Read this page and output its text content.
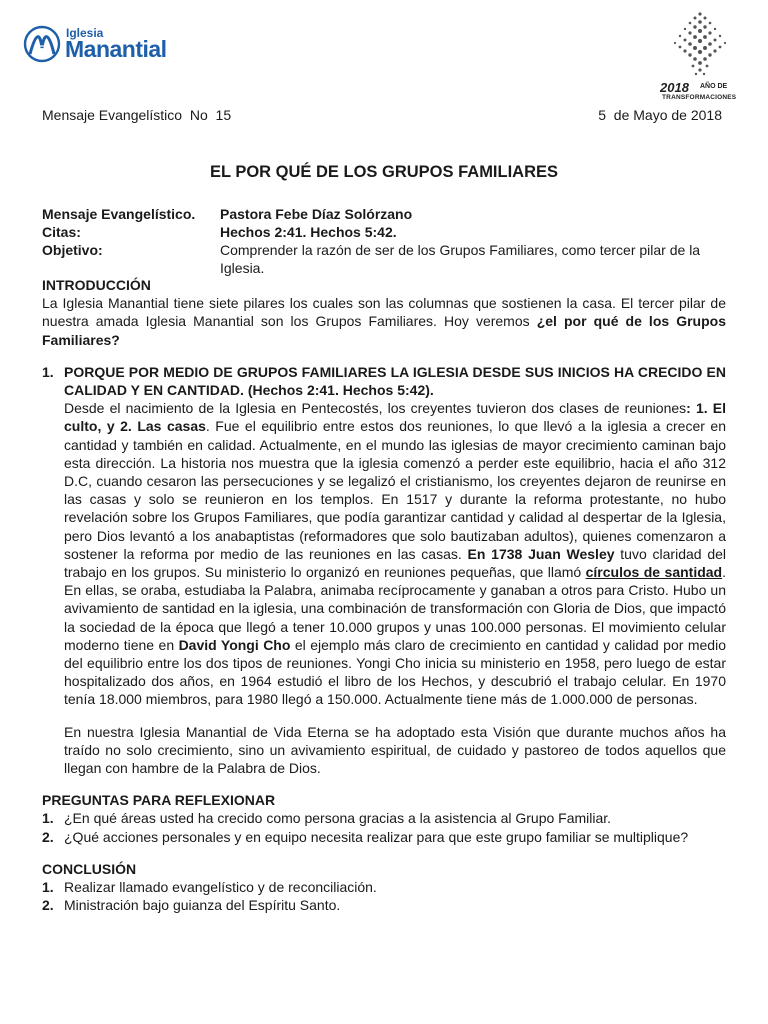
Iglesia
Manantial
2018 AÑO DE
TRANSFORMACIONES
Mensaje Evangelístico  No  15	5  de Mayo de 2018
EL POR QUÉ DE LOS GRUPOS FAMILIARES
Mensaje Evangelístico.	Pastora Febe Díaz Solórzano
Citas:	Hechos 2:41. Hechos 5:42.
Objetivo:	Comprender la razón de ser de los Grupos Familiares, como tercer pilar de la Iglesia.

INTRODUCCIÓN

La Iglesia Manantial tiene siete pilares los cuales son las columnas que sostienen la casa. El tercer pilar de nuestra amada Iglesia Manantial son los Grupos Familiares. Hoy veremos ¿el por qué de los Grupos Familiares?

1. PORQUE POR MEDIO DE GRUPOS FAMILIARES LA IGLESIA DESDE SUS INICIOS HA CRECIDO EN CALIDAD Y EN CANTIDAD. (Hechos 2:41. Hechos 5:42).

Desde el nacimiento de la Iglesia en Pentecostés, los creyentes tuvieron dos clases de reuniones: 1. El culto, y 2. Las casas. Fue el equilibrio entre estos dos reuniones, lo que llevó a la iglesia a crecer en cantidad y también en calidad. Actualmente, en el mundo las iglesias de mayor crecimiento caminan bajo esta dirección. La historia nos muestra que la iglesia comenzó a perder este equilibrio, hacia el año 312 D.C, cuando cesaron las persecuciones y se legalizó el cristianismo, los creyentes dejaron de reunirse en las casas y solo se reunieron en los templos. En 1517 y durante la reforma protestante, no hubo revelación sobre los Grupos Familiares, que podía garantizar cantidad y calidad al despertar de la Iglesia, pero Dios levantó a los anabaptistas (reformadores que solo bautizaban adultos), quienes comenzaron a sostener la reforma por medio de las reuniones en las casas. En 1738 Juan Wesley tuvo claridad del trabajo en los grupos. Su ministerio lo organizó en reuniones pequeñas, que llamó círculos de santidad. En ellas, se oraba, estudiaba la Palabra, animaba recíprocamente y ganaban a otros para Cristo. Hubo un avivamiento de santidad en la iglesia, una combinación de transformación con Gloria de Dios, que impactó la sociedad de la época que llegó a tener 10.000 grupos y unas 100.000 personas. El movimiento celular moderno tiene en David Yongi Cho el ejemplo más claro de crecimiento en cantidad y calidad por medio del equilibrio entre los dos tipos de reuniones. Yongi Cho inicia su ministerio en 1958, pero luego de estar hospitalizado dos años, en 1964 estudió el libro de los Hechos, y descubrió el trabajo celular. En 1970 tenía 18.000 miembros, para 1980 llegó a 150.000. Actualmente tiene más de 1.000.000 de personas.

En nuestra Iglesia Manantial de Vida Eterna se ha adoptado esta Visión que durante muchos años ha traído no solo crecimiento, sino un avivamiento espiritual, de cuidado y pastoreo de todos aquellos que llegan con hambre de la Palabra de Dios.

PREGUNTAS PARA REFLEXIONAR

1. ¿En qué áreas usted ha crecido como persona gracias a la asistencia al Grupo Familiar.
2. ¿Qué acciones personales y en equipo necesita realizar para que este grupo familiar se multiplique?

CONCLUSIÓN

1. Realizar llamado evangelístico y de reconciliación.
2. Ministración bajo guianza del Espíritu Santo.
